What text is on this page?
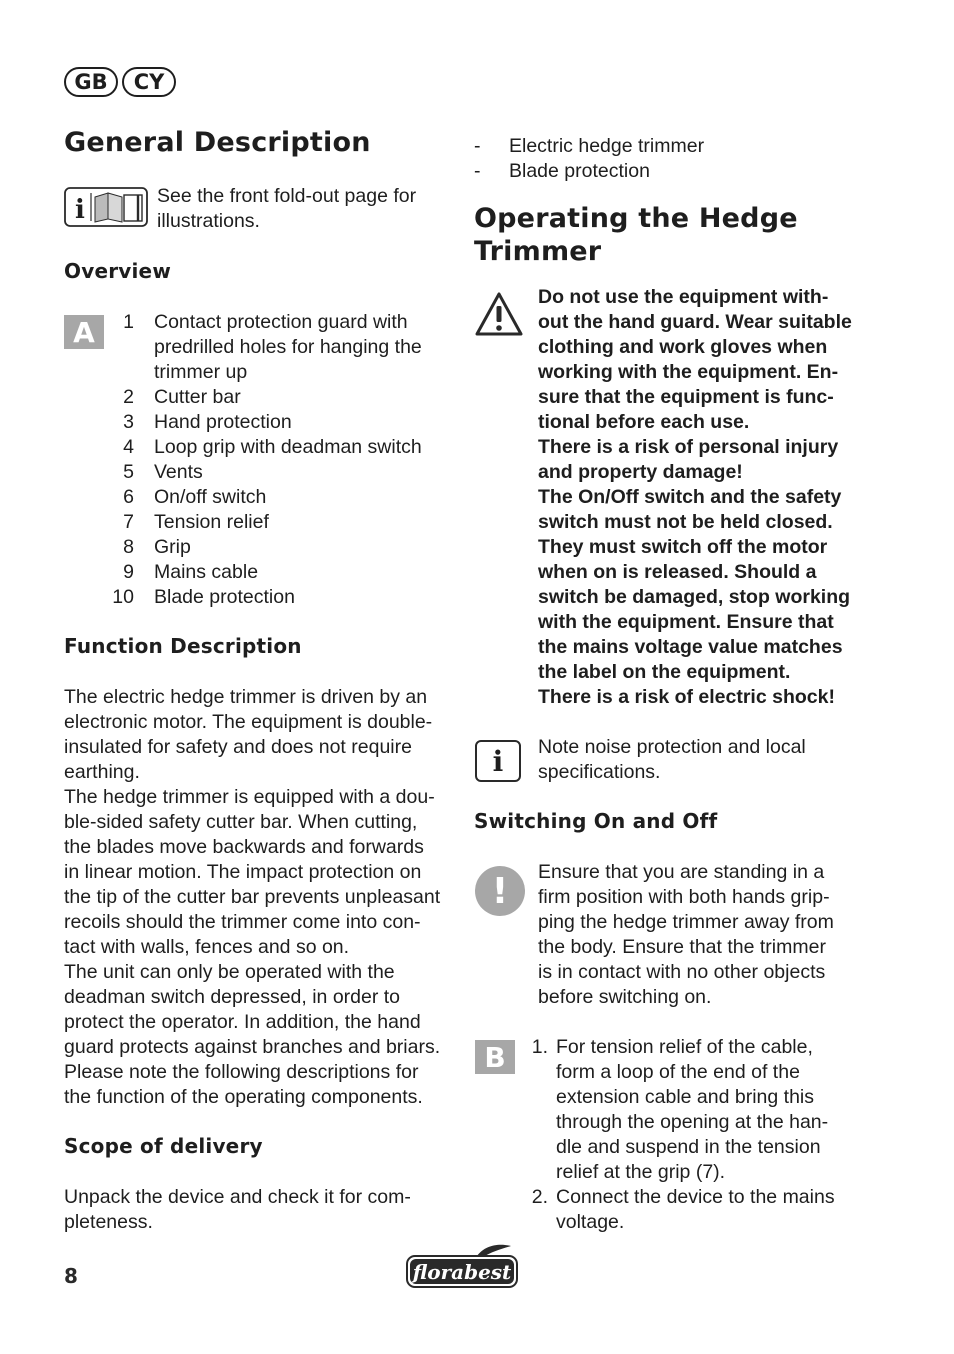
GB	CY
General Description
i	See the front fold-out page for
illustrations.
Overview
A	1	Contact protection guard with
predrilled holes for hanging the
trimmer up
2	Cutter bar
3	Hand protection
4	Loop grip with deadman switch
5	Vents
6	On/off switch
7	Tension relief
8	Grip
9	Mains cable
10	Blade protection
Function Description
The electric hedge trimmer is driven by an
electronic motor. The equipment is double-
insulated for safety and does not require
earthing.
The hedge trimmer is equipped with a dou-
ble-sided safety cutter bar. When cutting,
the blades move backwards and forwards
in linear motion. The impact protection on
the tip of the cutter bar prevents unpleasant
recoils should the trimmer come into con-
tact with walls, fences and so on.
The unit can only be operated with the
deadman switch depressed, in order to
protect the operator. In addition, the hand
guard protects against branches and briars.
Please note the following descriptions for
the function of the operating components.
Scope of delivery
Unpack the device and check it for com-
pleteness.
-	Electric hedge trimmer
-	Blade protection
Operating the Hedge
Trimmer
Do not use the equipment with-
out the hand guard. Wear suitable
clothing and work gloves when
working with the equipment. En-
sure that the equipment is func-
tional before each use.
There is a risk of personal injury
and property damage!
The On/Off switch and the safety
switch must not be held closed.
They must switch off the motor
when on is released. Should a
switch be damaged, stop working
with the equipment. Ensure that
the mains voltage value matches
the label on the equipment.
There is a risk of electric shock!
i	Note noise protection and local
specifications.
Switching On and Off
!	Ensure that you are standing in a
firm position with both hands grip-
ping the hedge trimmer away from
the body. Ensure that the trimmer
is in contact with no other objects
before switching on.
B	1. For tension relief of the cable,
form a loop of the end of the
extension cable and bring this
through the opening at the han-
dle and suspend in the tension
relief at the grip (7).
2. Connect the device to the mains
voltage.
8	florabest
